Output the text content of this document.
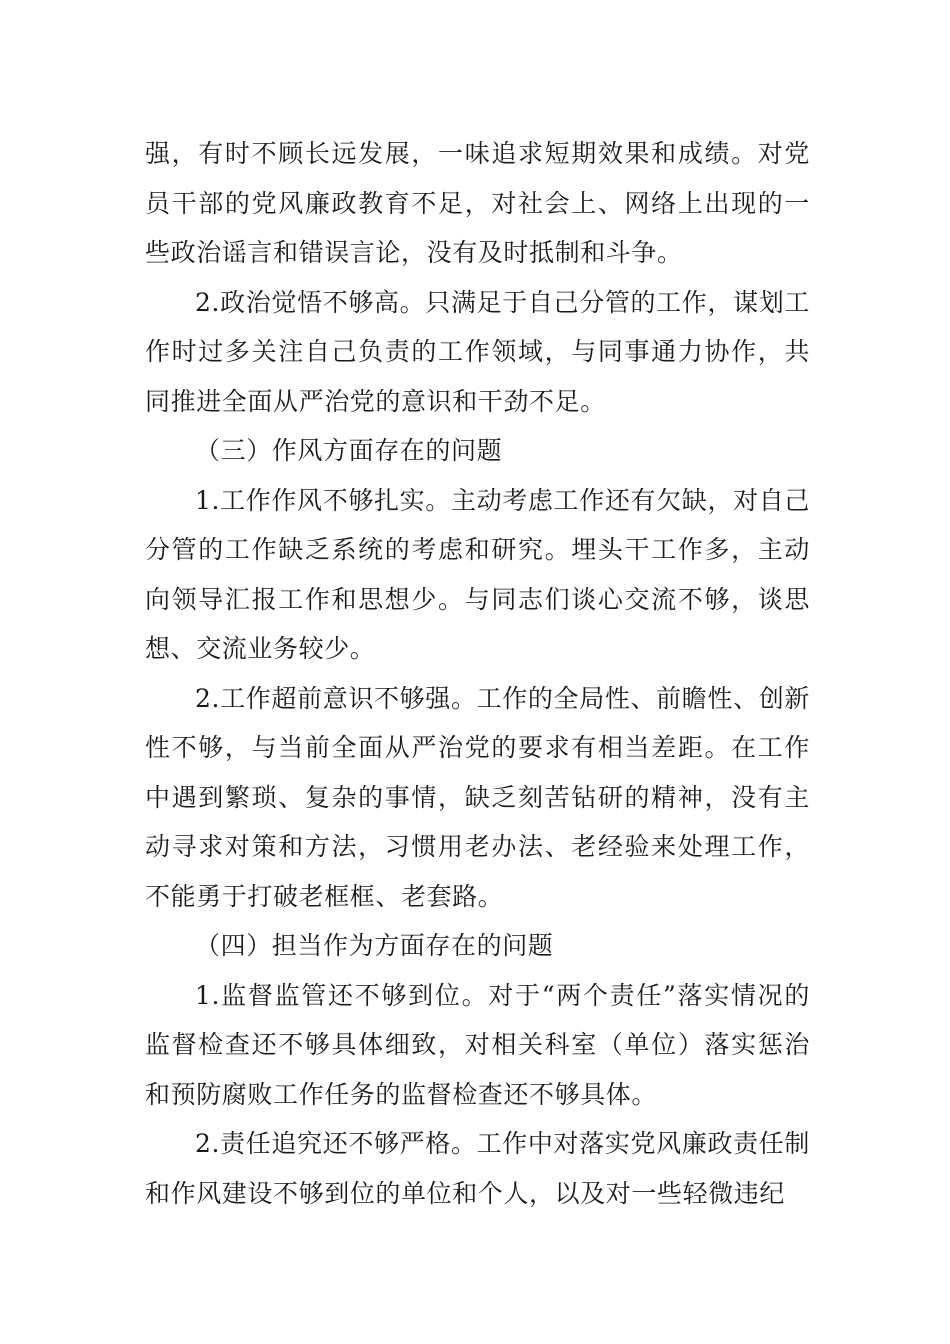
强，有时不顾长远发展，一味追求短期效果和成绩。对党员干部的党风廉政教育不足，对社会上、网络上出现的一些政治谣言和错误言论，没有及时抵制和斗争。

2.政治觉悟不够高。只满足于自己分管的工作，谋划工作时过多关注自己负责的工作领域，与同事通力协作，共同推进全面从严治党的意识和干劲不足。

（三）作风方面存在的问题

1.工作作风不够扎实。主动考虑工作还有欠缺，对自己分管的工作缺乏系统的考虑和研究。埋头干工作多，主动向领导汇报工作和思想少。与同志们谈心交流不够，谈思想、交流业务较少。

2.工作超前意识不够强。工作的全局性、前瞻性、创新性不够，与当前全面从严治党的要求有相当差距。在工作中遇到繁琐、复杂的事情，缺乏刻苦钻研的精神，没有主动寻求对策和方法，习惯用老办法、老经验来处理工作，不能勇于打破老框框、老套路。

（四）担当作为方面存在的问题

1.监督监管还不够到位。对于“两个责任”落实情况的监督检查还不够具体细致，对相关科室（单位）落实惩治和预防腐败工作任务的监督检查还不够具体。

2.责任追究还不够严格。工作中对落实党风廉政责任制和作风建设不够到位的单位和个人，以及对一些轻微违纪
